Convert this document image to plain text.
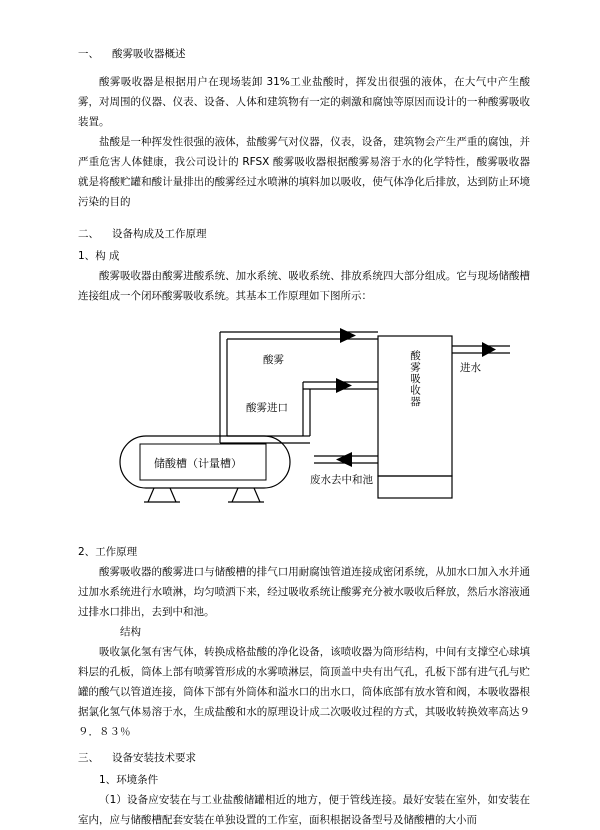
一、 酸雾吸收器概述

酸雾吸收器是根据用户在现场装卸 31%工业盐酸时，挥发出很强的液体，在大气中产生酸雾，对周围的仪器、仪表、设备、人体和建筑物有一定的刺激和腐蚀等原因而设计的一种酸雾吸收装置。

盐酸是一种挥发性很强的液体，盐酸雾气对仪器，仪表，设备，建筑物会产生严重的腐蚀，并严重危害人体健康，我公司设计的 RFSX 酸雾吸收器根据酸雾易溶于水的化学特性，酸雾吸收器就是将酸贮罐和酸计量排出的酸雾经过水喷淋的填料加以吸收，使气体净化后排放，达到防止环境污染的目的

二、 设备构成及工作原理
1、构 成

酸雾吸收器由酸雾进酸系统、加水系统、吸收系统、排放系统四大部分组成。它与现场储酸槽连接组成一个闭环酸雾吸收系统。其基本工作原理如下图所示：

酸雾
酸雾进口
储酸槽（计量槽）
酸雾吸收器	进水
废水去中和池
2、工作原理

酸雾吸收器的酸雾进口与储酸槽的排气口用耐腐蚀管道连接成密闭系统，从加水口加入水并通过加水系统进行水喷淋，均匀喷洒下来，经过吸收系统让酸雾充分被水吸收后释放，然后水溶液通过排水口排出，去到中和池。

结构

吸收氯化氢有害气体，转换成格盐酸的净化设备，该喷收器为筒形结构，中间有支撑空心球填料层的孔板，筒体上部有喷雾管形成的水雾喷淋层，筒顶盖中央有出气孔，孔板下部有进气孔与贮罐的酸气以管道连接，筒体下部有外筒体和溢水口的出水口，筒体底部有放水管和阀，本吸收器根据氯化氢气体易溶于水，生成盐酸和水的原理设计成二次吸收过程的方式，其吸收转换效率高达９９．８３％

三、 设备安装技术要求
1、环境条件

（1）设备应安装在与工业盐酸储罐相近的地方，便于管线连接。最好安装在室外，如安装在室内，应与储酸槽配套安装在单独设置的工作室，面积根据设备型号及储酸槽的大小而
